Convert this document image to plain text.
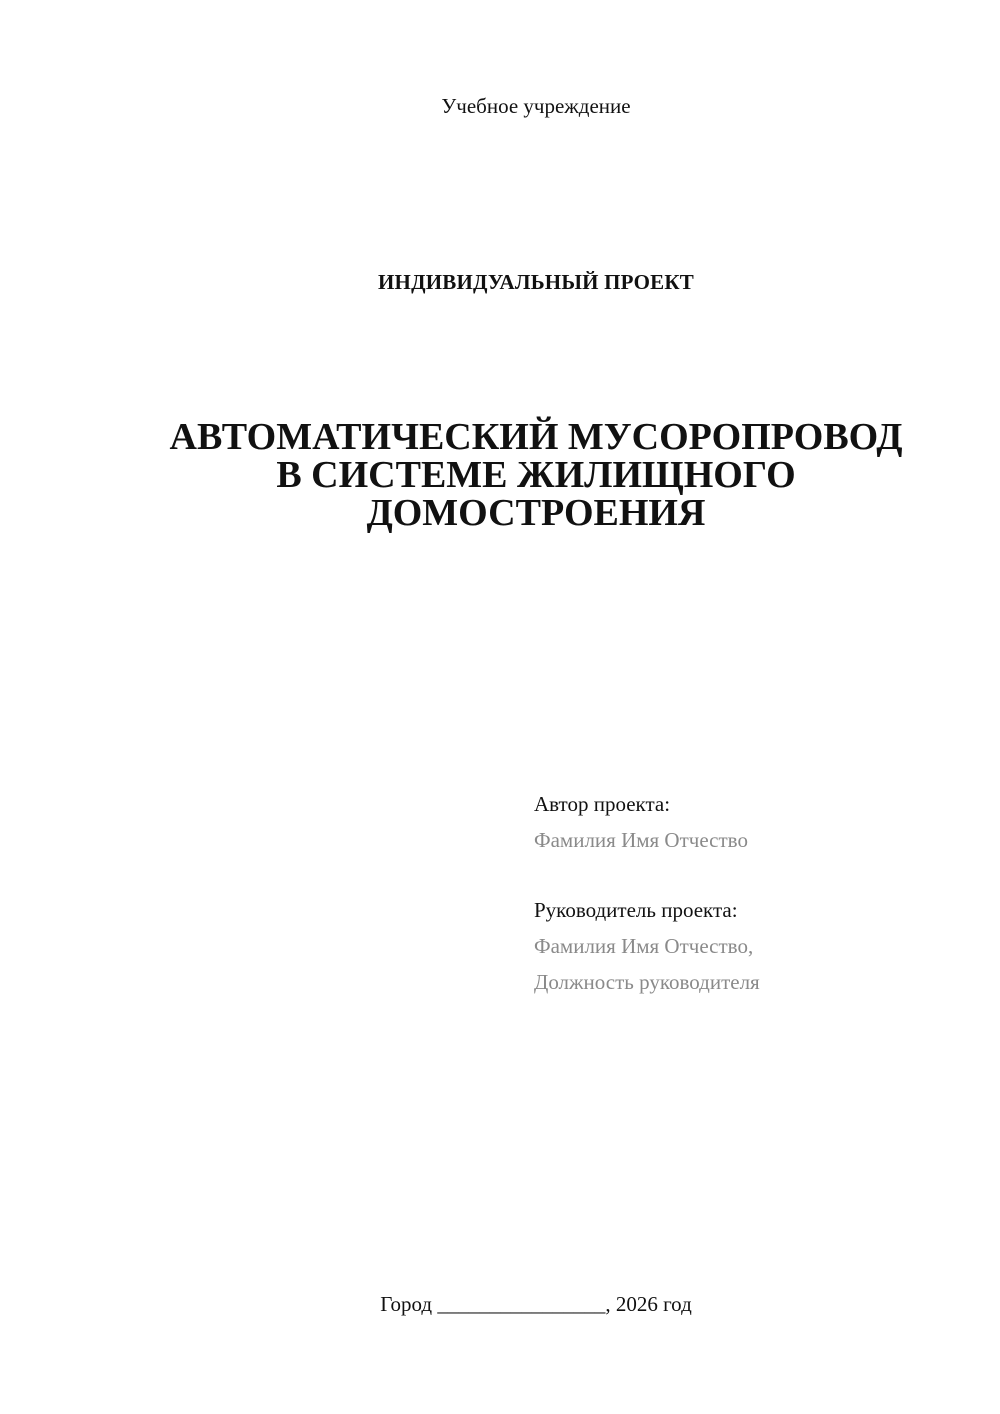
Учебное учреждение
ИНДИВИДУАЛЬНЫЙ ПРОЕКТ
АВТОМАТИЧЕСКИЙ МУСОРОПРОВОД
В СИСТЕМЕ ЖИЛИЩНОГО
ДОМОСТРОЕНИЯ
Автор проекта:
Фамилия Имя Отчество
Руководитель проекта:
Фамилия Имя Отчество,
Должность руководителя
Город ________________, 2026 год
